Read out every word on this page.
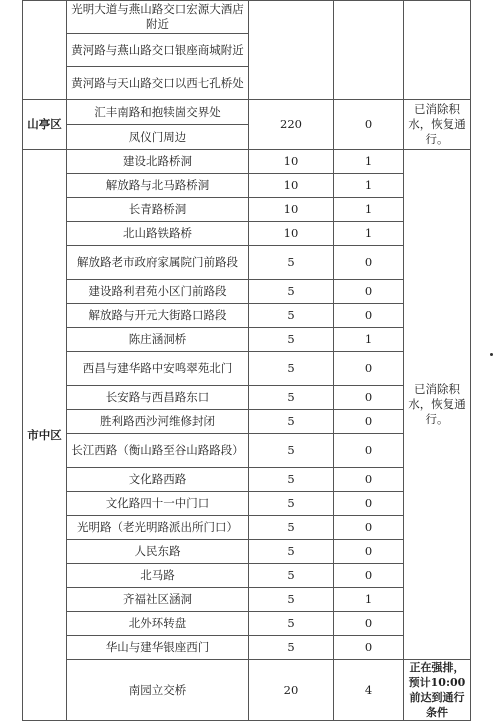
	光明大道与燕山路交口宏源大酒店附近			
	黄河路与燕山路交口银座商城附近			
	黄河路与天山路交口以西七孔桥处			
山亭区	汇丰南路和抱犊崮交界处	220	0	已消除积水，恢复通行。
	凤仪门周边			
市中区	建设北路桥洞	10	1	已消除积水，恢复通行。
	解放路与北马路桥洞	10	1	
	长青路桥洞	10	1	
	北山路铁路桥	10	1	
	解放路老市政府家属院门前路段	5	0	
	建设路利君苑小区门前路段	5	0	
	解放路与开元大街路口路段	5	0	
	陈庄涵洞桥	5	1	
	西昌与建华路中安鸣翠苑北门	5	0	
	长安路与西昌路东口	5	0	
	胜利路西沙河维修封闭	5	0	
	长江西路（衡山路至谷山路路段）	5	0	
	文化路西路	5	0	
	文化路四十一中门口	5	0	
	光明路（老光明路派出所门口）	5	0	
	人民东路	5	0	
	北马路	5	0	
	齐福社区涵洞	5	1	
	北外环转盘	5	0	
	华山与建华银座西门	5	0	
	南园立交桥	20	4	正在强排，预计10:00前达到通行条件
